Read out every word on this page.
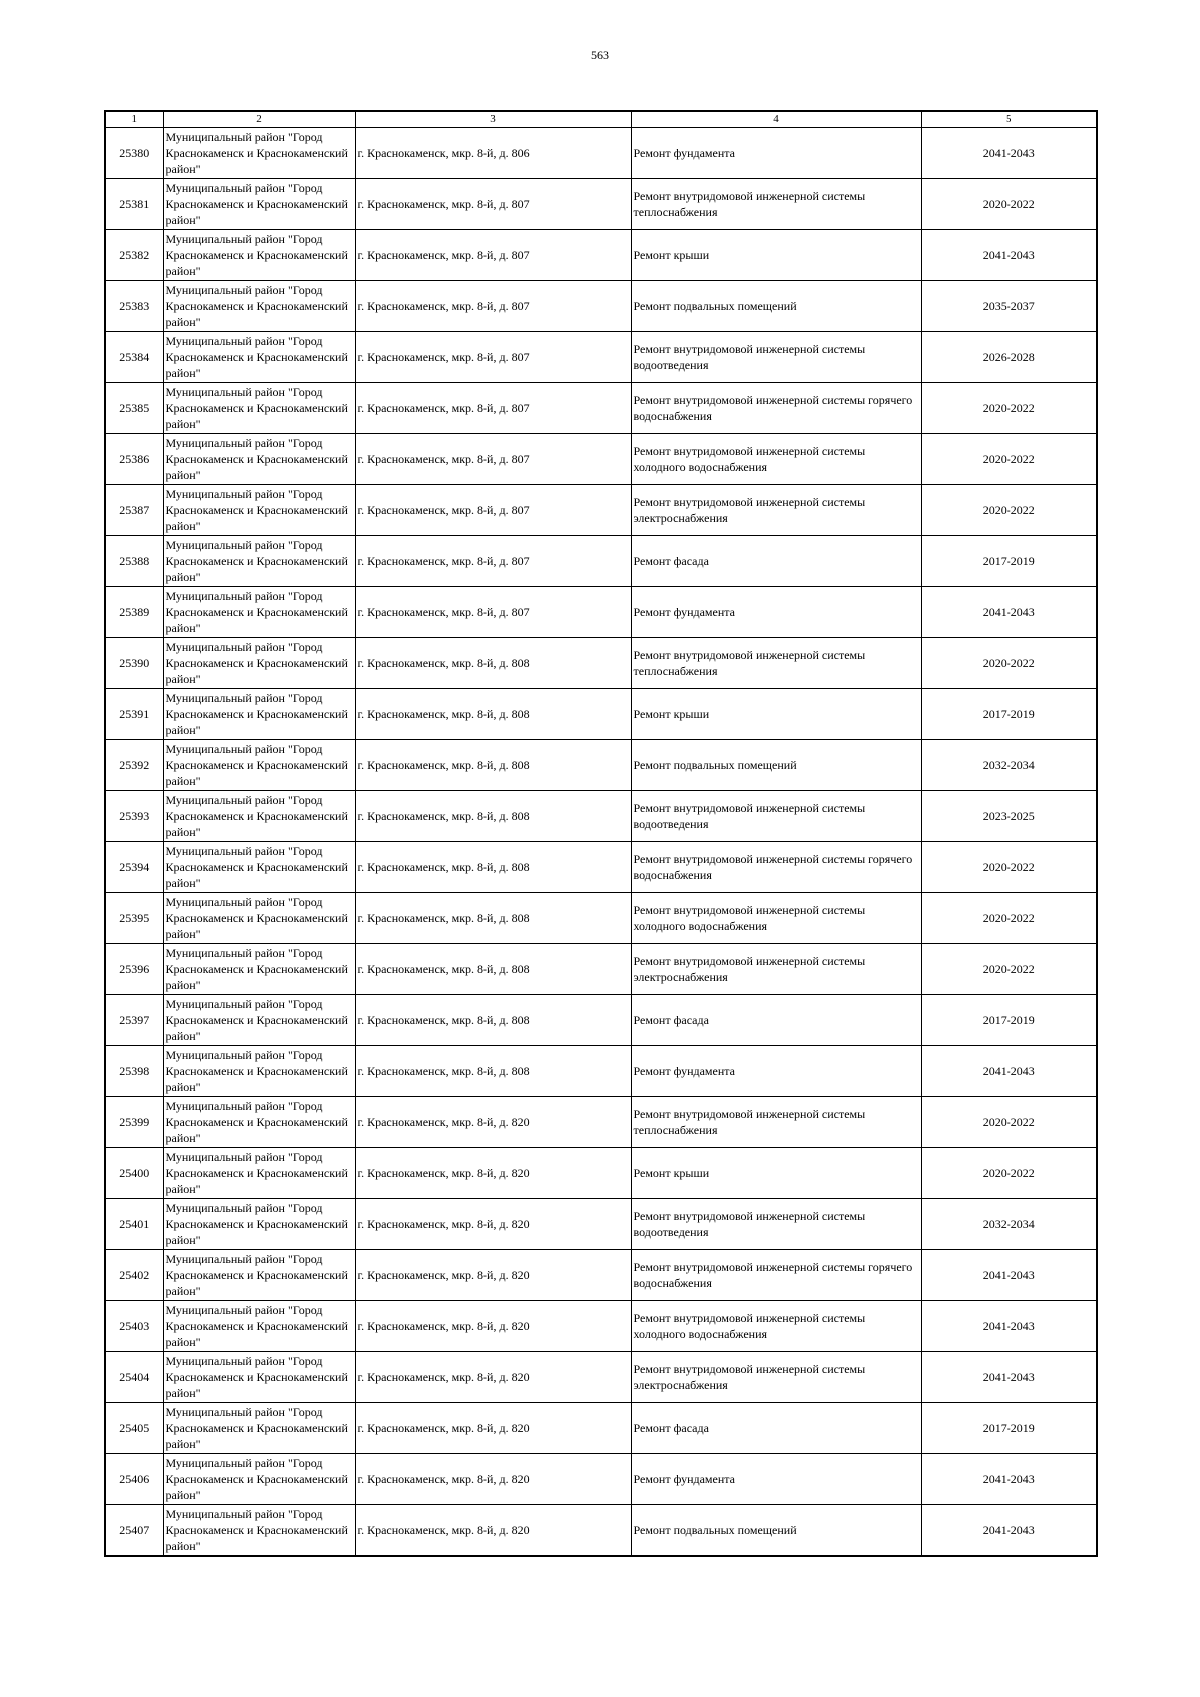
563
1	2	3	4	5
25380	Муниципальный район "Город Краснокаменск и Краснокаменский район"	г. Краснокаменск, мкр. 8-й, д. 806	Ремонт фундамента	2041-2043
25381	Муниципальный район "Город Краснокаменск и Краснокаменский район"	г. Краснокаменск, мкр. 8-й, д. 807	Ремонт внутридомовой инженерной системы теплоснабжения	2020-2022
25382	Муниципальный район "Город Краснокаменск и Краснокаменский район"	г. Краснокаменск, мкр. 8-й, д. 807	Ремонт крыши	2041-2043
25383	Муниципальный район "Город Краснокаменск и Краснокаменский район"	г. Краснокаменск, мкр. 8-й, д. 807	Ремонт подвальных помещений	2035-2037
25384	Муниципальный район "Город Краснокаменск и Краснокаменский район"	г. Краснокаменск, мкр. 8-й, д. 807	Ремонт внутридомовой инженерной системы водоотведения	2026-2028
25385	Муниципальный район "Город Краснокаменск и Краснокаменский район"	г. Краснокаменск, мкр. 8-й, д. 807	Ремонт внутридомовой инженерной системы горячего водоснабжения	2020-2022
25386	Муниципальный район "Город Краснокаменск и Краснокаменский район"	г. Краснокаменск, мкр. 8-й, д. 807	Ремонт внутридомовой инженерной системы холодного водоснабжения	2020-2022
25387	Муниципальный район "Город Краснокаменск и Краснокаменский район"	г. Краснокаменск, мкр. 8-й, д. 807	Ремонт внутридомовой инженерной системы электроснабжения	2020-2022
25388	Муниципальный район "Город Краснокаменск и Краснокаменский район"	г. Краснокаменск, мкр. 8-й, д. 807	Ремонт фасада	2017-2019
25389	Муниципальный район "Город Краснокаменск и Краснокаменский район"	г. Краснокаменск, мкр. 8-й, д. 807	Ремонт фундамента	2041-2043
25390	Муниципальный район "Город Краснокаменск и Краснокаменский район"	г. Краснокаменск, мкр. 8-й, д. 808	Ремонт внутридомовой инженерной системы теплоснабжения	2020-2022
25391	Муниципальный район "Город Краснокаменск и Краснокаменский район"	г. Краснокаменск, мкр. 8-й, д. 808	Ремонт крыши	2017-2019
25392	Муниципальный район "Город Краснокаменск и Краснокаменский район"	г. Краснокаменск, мкр. 8-й, д. 808	Ремонт подвальных помещений	2032-2034
25393	Муниципальный район "Город Краснокаменск и Краснокаменский район"	г. Краснокаменск, мкр. 8-й, д. 808	Ремонт внутридомовой инженерной системы водоотведения	2023-2025
25394	Муниципальный район "Город Краснокаменск и Краснокаменский район"	г. Краснокаменск, мкр. 8-й, д. 808	Ремонт внутридомовой инженерной системы горячего водоснабжения	2020-2022
25395	Муниципальный район "Город Краснокаменск и Краснокаменский район"	г. Краснокаменск, мкр. 8-й, д. 808	Ремонт внутридомовой инженерной системы холодного водоснабжения	2020-2022
25396	Муниципальный район "Город Краснокаменск и Краснокаменский район"	г. Краснокаменск, мкр. 8-й, д. 808	Ремонт внутридомовой инженерной системы электроснабжения	2020-2022
25397	Муниципальный район "Город Краснокаменск и Краснокаменский район"	г. Краснокаменск, мкр. 8-й, д. 808	Ремонт фасада	2017-2019
25398	Муниципальный район "Город Краснокаменск и Краснокаменский район"	г. Краснокаменск, мкр. 8-й, д. 808	Ремонт фундамента	2041-2043
25399	Муниципальный район "Город Краснокаменск и Краснокаменский район"	г. Краснокаменск, мкр. 8-й, д. 820	Ремонт внутридомовой инженерной системы теплоснабжения	2020-2022
25400	Муниципальный район "Город Краснокаменск и Краснокаменский район"	г. Краснокаменск, мкр. 8-й, д. 820	Ремонт крыши	2020-2022
25401	Муниципальный район "Город Краснокаменск и Краснокаменский район"	г. Краснокаменск, мкр. 8-й, д. 820	Ремонт внутридомовой инженерной системы водоотведения	2032-2034
25402	Муниципальный район "Город Краснокаменск и Краснокаменский район"	г. Краснокаменск, мкр. 8-й, д. 820	Ремонт внутридомовой инженерной системы горячего водоснабжения	2041-2043
25403	Муниципальный район "Город Краснокаменск и Краснокаменский район"	г. Краснокаменск, мкр. 8-й, д. 820	Ремонт внутридомовой инженерной системы холодного водоснабжения	2041-2043
25404	Муниципальный район "Город Краснокаменск и Краснокаменский район"	г. Краснокаменск, мкр. 8-й, д. 820	Ремонт внутридомовой инженерной системы электроснабжения	2041-2043
25405	Муниципальный район "Город Краснокаменск и Краснокаменский район"	г. Краснокаменск, мкр. 8-й, д. 820	Ремонт фасада	2017-2019
25406	Муниципальный район "Город Краснокаменск и Краснокаменский район"	г. Краснокаменск, мкр. 8-й, д. 820	Ремонт фундамента	2041-2043
25407	Муниципальный район "Город Краснокаменск и Краснокаменский район"	г. Краснокаменск, мкр. 8-й, д. 820	Ремонт подвальных помещений	2041-2043
